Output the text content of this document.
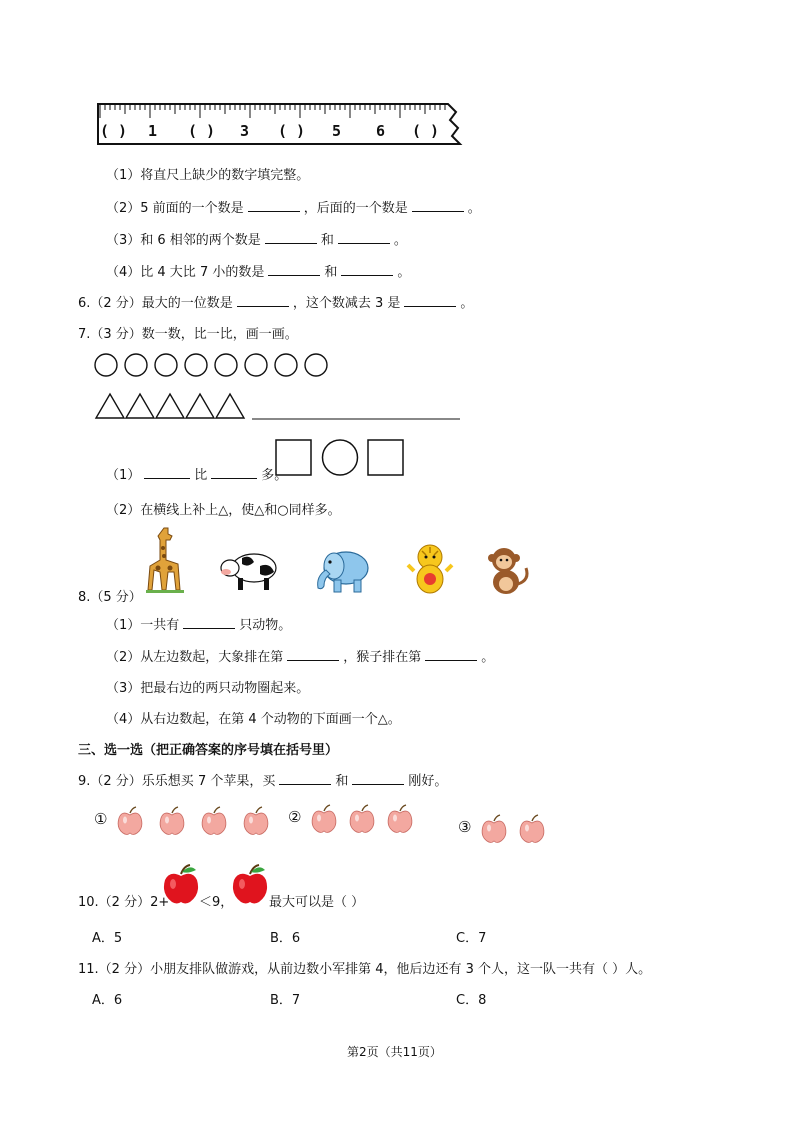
( ) 1 ( ) 3 ( ) 5 6 ( )
（1）将直尺上缺少的数字填完整。
（2）5 前面的一个数是	，后面的一个数是	。
（3）和 6 相邻的两个数是	和	。
（4）比 4 大比 7 小的数是	和	。
6.（2 分）最大的一位数是	，这个数减去 3 是	。
7.（3 分）数一数，比一比，画一画。
（1）	比	多。
（2）在横线上补上△，使△和○同样多。
8.（5 分）
（1）一共有	只动物。
（2）从左边数起，大象排在第	，猴子排在第	。
（3）把最右边的两只动物圈起来。
（4）从右边数起，在第 4 个动物的下面画一个△。
三、选一选（把正确答案的序号填在括号里）
9.（2 分）乐乐想买 7 个苹果，买	和	刚好。
①	②
③
10.（2 分）2+ ＜9，	最大可以是（ ）
A．5	B．6	C．7
11.（2 分）小朋友排队做游戏，从前边数小军排第 4，他后边还有 3 个人，这一队一共有（ ）人。
A．6	B．7	C．8
第2页（共11页）
